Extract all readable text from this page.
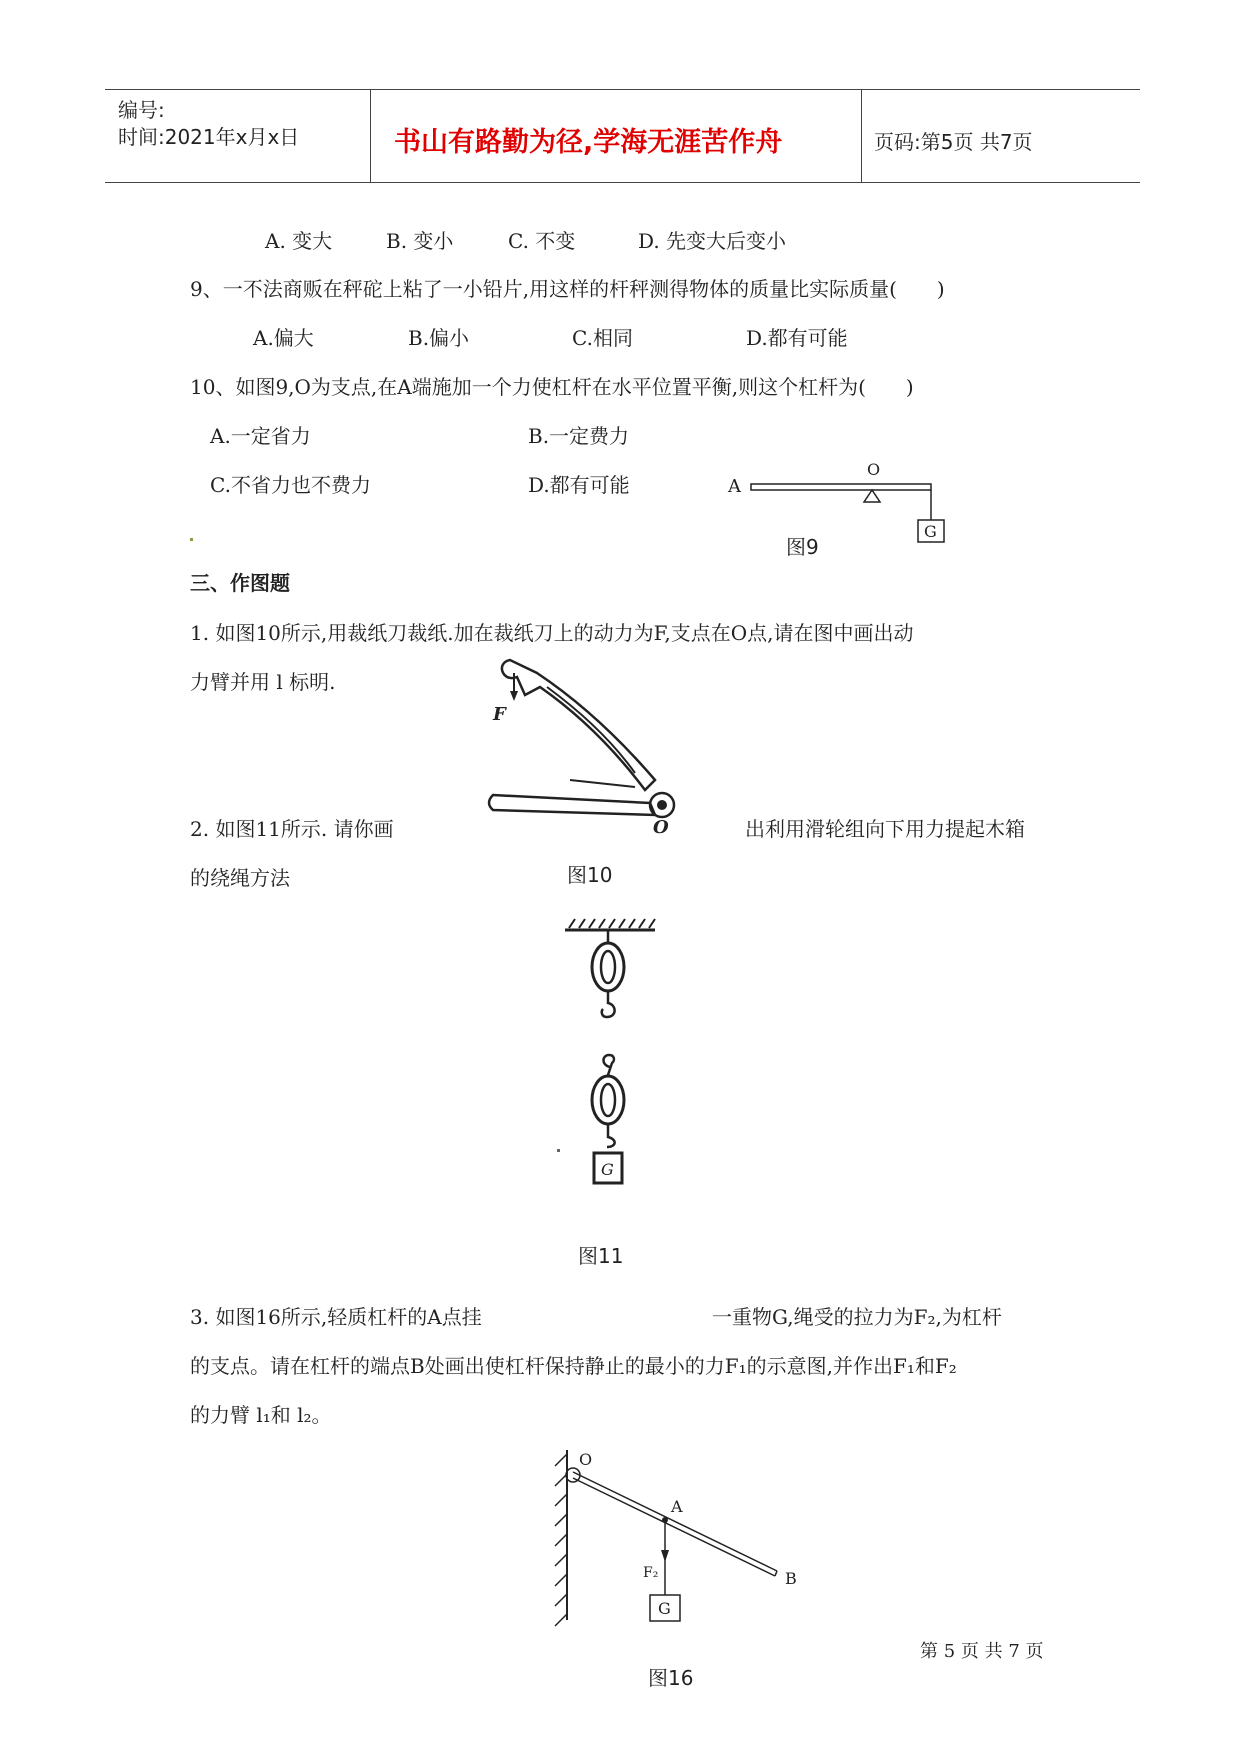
编号:
时间:2021年x月x日	书山有路勤为径,学海无涯苦作舟	页码:第5页 共7页
A. 变大	B. 变小	C. 不变	D. 先变大后变小
9、一不法商贩在秤砣上粘了一小铅片,用这样的杆秤测得物体的质量比实际质量(　　)
A.偏大	B.偏小	C.相同	D.都有可能
10、如图9,O为支点,在A端施加一个力使杠杆在水平位置平衡,则这个杠杆为(　　)
A.一定省力	B.一定费力
C.不省力也不费力	D.都有可能	A
O
G
图9
三、作图题
1. 如图10所示,用裁纸刀裁纸.加在裁纸刀上的动力为F,支点在O点,请在图中画出动
力臂并用 l 标明.
F
O
2. 如图11所示. 请你画	出利用滑轮组向下用力提起木箱
的绕绳方法	图10
G
图11
3. 如图16所示,轻质杠杆的A点挂	一重物G,绳受的拉力为F₂,为杠杆
的支点。请在杠杆的端点B处画出使杠杆保持静止的最小的力F₁的示意图,并作出F₁和F₂
的力臂 l₁和 l₂。
O
A
B
F₂
G
图16
第 5 页 共 7 页
